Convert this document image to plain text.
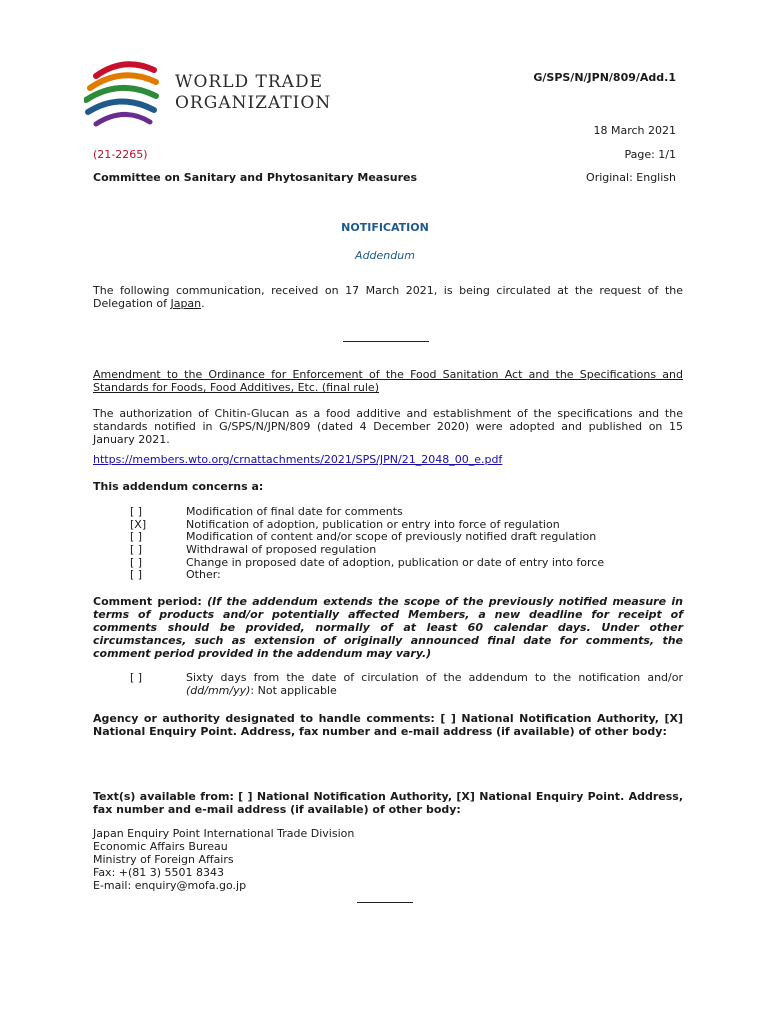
WORLD TRADE
ORGANIZATION
G/SPS/N/JPN/809/Add.1
18 March 2021
(21-2265)	Page: 1/1
Committee on Sanitary and Phytosanitary Measures	Original: English
NOTIFICATION
Addendum
The following communication, received on 17 March 2021, is being circulated at the request of the Delegation of Japan.
Amendment to the Ordinance for Enforcement of the Food Sanitation Act and the Specifications and Standards for Foods, Food Additives, Etc. (final rule)
The authorization of Chitin-Glucan as a food additive and establishment of the specifications and the standards notified in G/SPS/N/JPN/809 (dated 4 December 2020) were adopted and published on 15 January 2021.
https://members.wto.org/crnattachments/2021/SPS/JPN/21_2048_00_e.pdf
This addendum concerns a:
[ ]	Modification of final date for comments
[X]	Notification of adoption, publication or entry into force of regulation
[ ]	Modification of content and/or scope of previously notified draft regulation
[ ]	Withdrawal of proposed regulation
[ ]	Change in proposed date of adoption, publication or date of entry into force
[ ]	Other:
Comment period: (If the addendum extends the scope of the previously notified measure in terms of products and/or potentially affected Members, a new deadline for receipt of comments should be provided, normally of at least 60 calendar days. Under other circumstances, such as extension of originally announced final date for comments, the comment period provided in the addendum may vary.)
[ ]	Sixty days from the date of circulation of the addendum to the notification and/or (dd/mm/yy): Not applicable
Agency or authority designated to handle comments: [ ] National Notification Authority, [X] National Enquiry Point. Address, fax number and e-mail address (if available) of other body:
Text(s) available from: [ ] National Notification Authority, [X] National Enquiry Point. Address, fax number and e-mail address (if available) of other body:
Japan Enquiry Point International Trade Division
Economic Affairs Bureau
Ministry of Foreign Affairs
Fax: +(81 3) 5501 8343
E-mail: enquiry@mofa.go.jp
